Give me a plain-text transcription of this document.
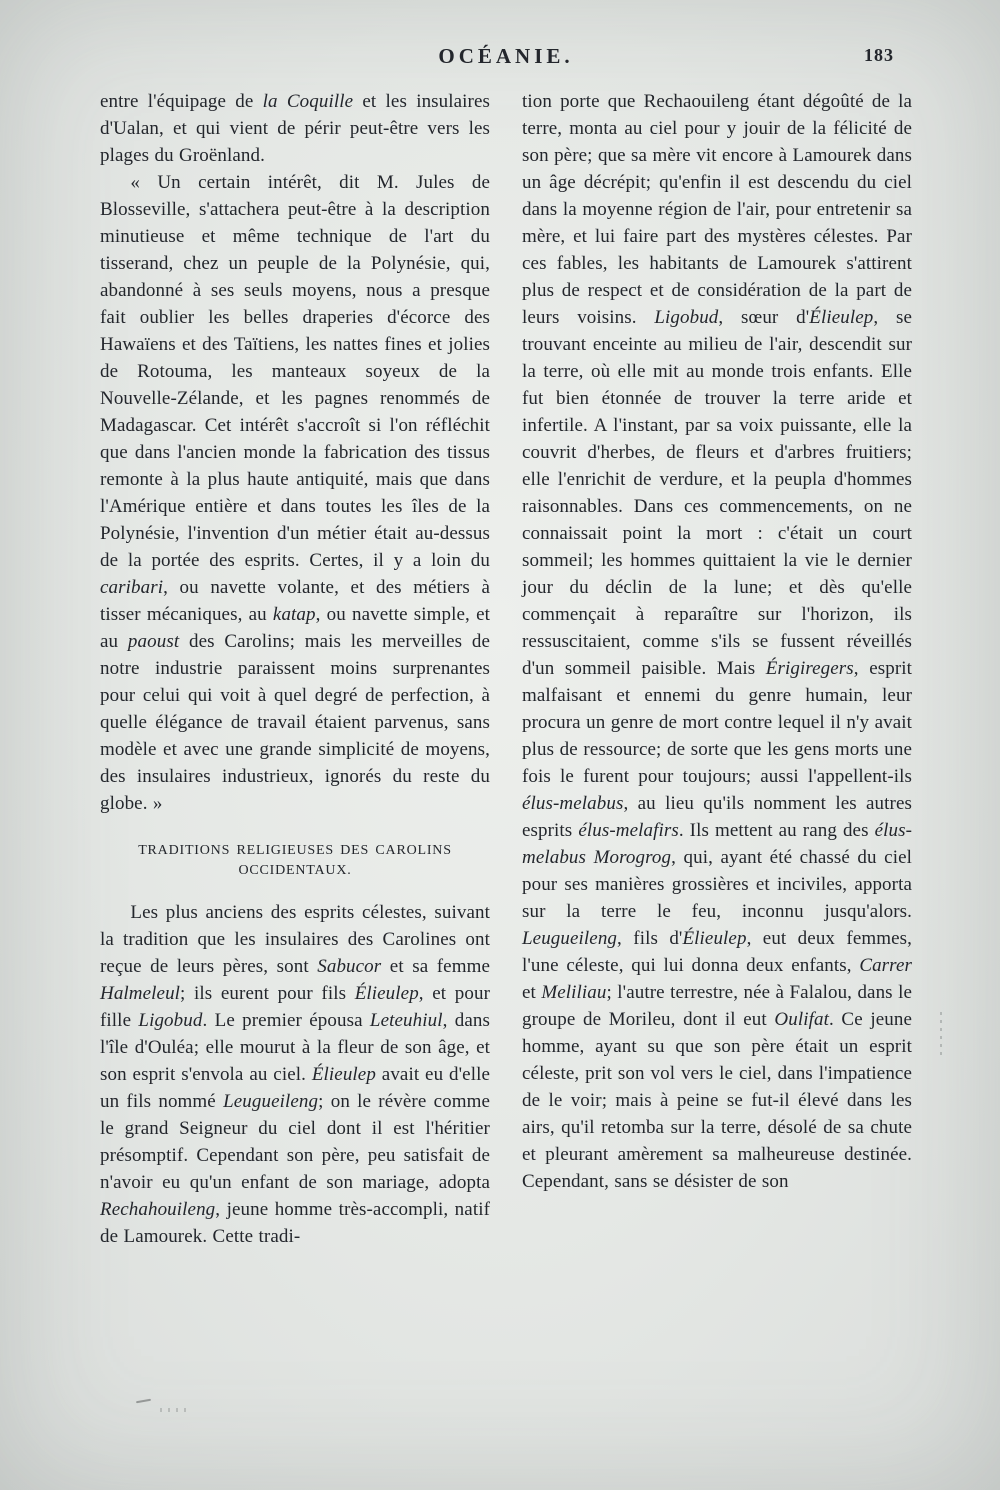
OCÉANIE.	183

entre l'équipage de la Coquille et les insulaires d'Ualan, et qui vient de périr peut-être vers les plages du Groënland.

« Un certain intérêt, dit M. Jules de Blosseville, s'attachera peut-être à la description minutieuse et même technique de l'art du tisserand, chez un peuple de la Polynésie, qui, abandonné à ses seuls moyens, nous a presque fait oublier les belles draperies d'écorce des Hawaïens et des Taïtiens, les nattes fines et jolies de Rotouma, les manteaux soyeux de la Nouvelle-Zélande, et les pagnes renommés de Madagascar. Cet intérêt s'accroît si l'on réfléchit que dans l'ancien monde la fabrication des tissus remonte à la plus haute antiquité, mais que dans l'Amérique entière et dans toutes les îles de la Polynésie, l'invention d'un métier était au-dessus de la portée des esprits. Certes, il y a loin du caribari, ou navette volante, et des métiers à tisser mécaniques, au katap, ou navette simple, et au paoust des Carolins; mais les merveilles de notre industrie paraissent moins surprenantes pour celui qui voit à quel degré de perfection, à quelle élégance de travail étaient parvenus, sans modèle et avec une grande simplicité de moyens, des insulaires industrieux, ignorés du reste du globe. »

TRADITIONS RELIGIEUSES DES CAROLINS OCCIDENTAUX.

Les plus anciens des esprits célestes, suivant la tradition que les insulaires des Carolines ont reçue de leurs pères, sont Sabucor et sa femme Halmeleul; ils eurent pour fils Élieulep, et pour fille Ligobud. Le premier épousa Leteuhiul, dans l'île d'Ouléa; elle mourut à la fleur de son âge, et son esprit s'envola au ciel. Élieulep avait eu d'elle un fils nommé Leugueileng; on le révère comme le grand Seigneur du ciel dont il est l'héritier présomptif. Cependant son père, peu satisfait de n'avoir eu qu'un enfant de son mariage, adopta Rechahouileng, jeune homme très-accompli, natif de Lamourek. Cette tradi-

tion porte que Rechaouileng étant dégoûté de la terre, monta au ciel pour y jouir de la félicité de son père; que sa mère vit encore à Lamourek dans un âge décrépit; qu'enfin il est descendu du ciel dans la moyenne région de l'air, pour entretenir sa mère, et lui faire part des mystères célestes. Par ces fables, les habitants de Lamourek s'attirent plus de respect et de considération de la part de leurs voisins. Ligobud, sœur d'Élieulep, se trouvant enceinte au milieu de l'air, descendit sur la terre, où elle mit au monde trois enfants. Elle fut bien étonnée de trouver la terre aride et infertile. A l'instant, par sa voix puissante, elle la couvrit d'herbes, de fleurs et d'arbres fruitiers; elle l'enrichit de verdure, et la peupla d'hommes raisonnables. Dans ces commencements, on ne connaissait point la mort : c'était un court sommeil; les hommes quittaient la vie le dernier jour du déclin de la lune; et dès qu'elle commençait à reparaître sur l'horizon, ils ressuscitaient, comme s'ils se fussent réveillés d'un sommeil paisible. Mais Érigiregers, esprit malfaisant et ennemi du genre humain, leur procura un genre de mort contre lequel il n'y avait plus de ressource; de sorte que les gens morts une fois le furent pour toujours; aussi l'appellent-ils élus-melabus, au lieu qu'ils nomment les autres esprits élus-melafirs. Ils mettent au rang des élus-melabus Morogrog, qui, ayant été chassé du ciel pour ses manières grossières et inciviles, apporta sur la terre le feu, inconnu jusqu'alors. Leugueileng, fils d'Élieulep, eut deux femmes, l'une céleste, qui lui donna deux enfants, Carrer et Meliliau; l'autre terrestre, née à Falalou, dans le groupe de Morileu, dont il eut Oulifat. Ce jeune homme, ayant su que son père était un esprit céleste, prit son vol vers le ciel, dans l'impatience de le voir; mais à peine se fut-il élevé dans les airs, qu'il retomba sur la terre, désolé de sa chute et pleurant amèrement sa malheureuse destinée. Cependant, sans se désister de son
